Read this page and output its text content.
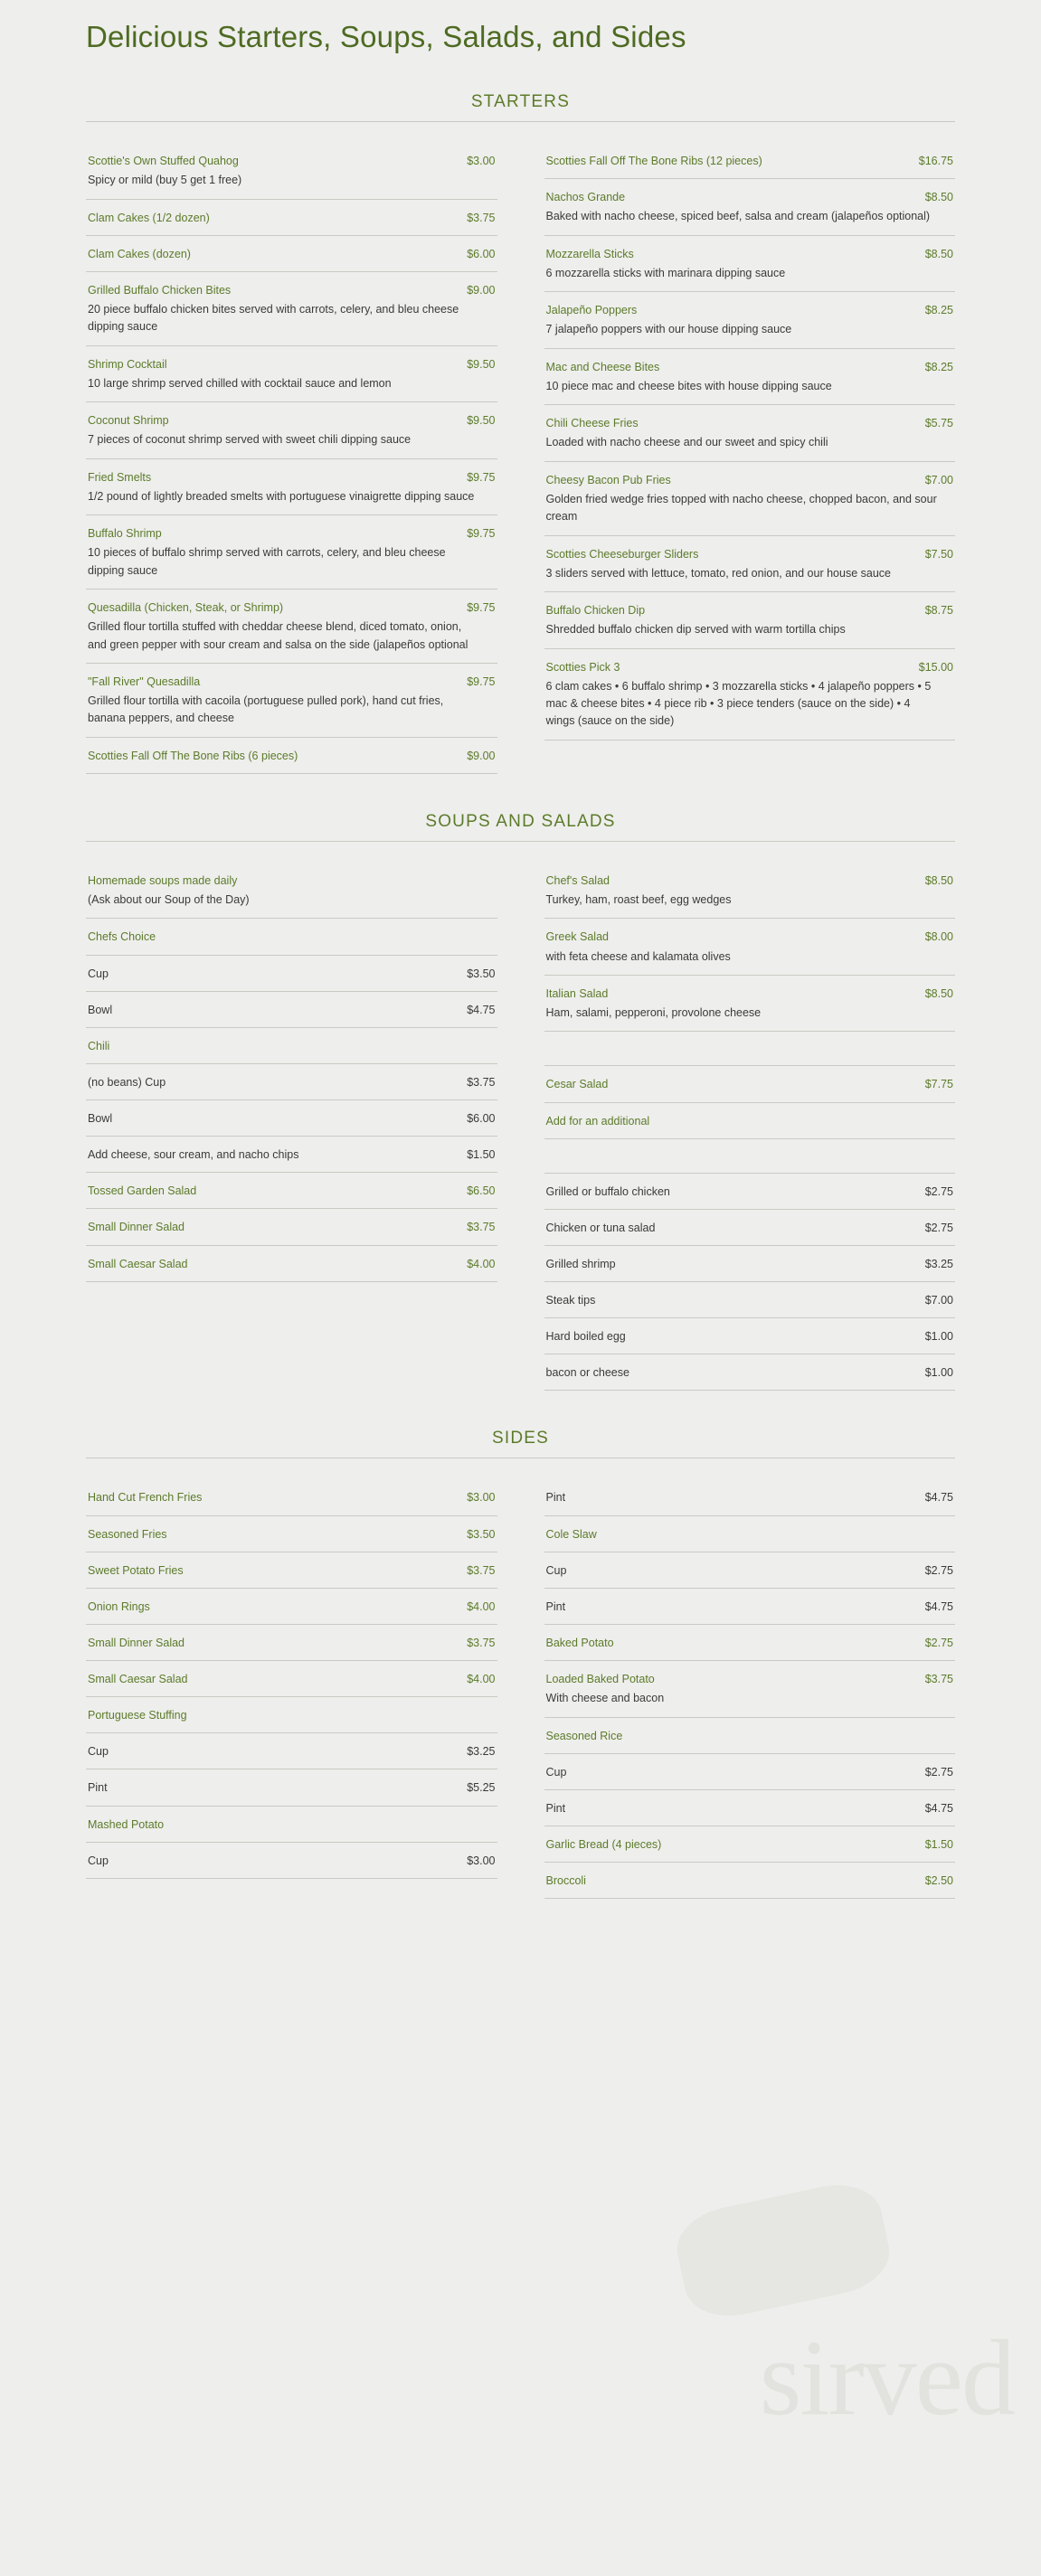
sirved
Delicious Starters, Soups, Salads, and Sides
STARTERS
Scottie's Own Stuffed Quahog	$3.00
Spicy or mild (buy 5 get 1 free)
Clam Cakes (1/2 dozen)	$3.75
Clam Cakes (dozen)	$6.00
Grilled Buffalo Chicken Bites	$9.00
20 piece buffalo chicken bites served with carrots, celery, and bleu cheese dipping sauce
Shrimp Cocktail	$9.50
10 large shrimp served chilled with cocktail sauce and lemon
Coconut Shrimp	$9.50
7 pieces of coconut shrimp served with sweet chili dipping sauce
Fried Smelts	$9.75
1/2 pound of lightly breaded smelts with portuguese vinaigrette dipping sauce
Buffalo Shrimp	$9.75
10 pieces of buffalo shrimp served with carrots, celery, and bleu cheese dipping sauce
Quesadilla (Chicken, Steak, or Shrimp)	$9.75
Grilled flour tortilla stuffed with cheddar cheese blend, diced tomato, onion, and green pepper with sour cream and salsa on the side (jalapeños optional
"Fall River" Quesadilla	$9.75
Grilled flour tortilla with cacoila (portuguese pulled pork), hand cut fries, banana peppers, and cheese
Scotties Fall Off The Bone Ribs (6 pieces)	$9.00
Scotties Fall Off The Bone Ribs (12 pieces)	$16.75
Nachos Grande	$8.50
Baked with nacho cheese, spiced beef, salsa and cream (jalapeños optional)
Mozzarella Sticks	$8.50
6 mozzarella sticks with marinara dipping sauce
Jalapeño Poppers	$8.25
7 jalapeño poppers with our house dipping sauce
Mac and Cheese Bites	$8.25
10 piece mac and cheese bites with house dipping sauce
Chili Cheese Fries	$5.75
Loaded with nacho cheese and our sweet and spicy chili
Cheesy Bacon Pub Fries	$7.00
Golden fried wedge fries topped with nacho cheese, chopped bacon, and sour cream
Scotties Cheeseburger Sliders	$7.50
3 sliders served with lettuce, tomato, red onion, and our house sauce
Buffalo Chicken Dip	$8.75
Shredded buffalo chicken dip served with warm tortilla chips
Scotties Pick 3	$15.00
6 clam cakes • 6 buffalo shrimp • 3 mozzarella sticks • 4 jalapeño poppers • 5 mac & cheese bites • 4 piece rib • 3 piece tenders (sauce on the side) • 4 wings (sauce on the side)
SOUPS AND SALADS
Homemade soups made daily
(Ask about our Soup of the Day)
Chefs Choice
Cup	$3.50
Bowl	$4.75
Chili
(no beans) Cup	$3.75
Bowl	$6.00
Add cheese, sour cream, and nacho chips	$1.50
Tossed Garden Salad	$6.50
Small Dinner Salad	$3.75
Small Caesar Salad	$4.00
Chef's Salad	$8.50
Turkey, ham, roast beef, egg wedges
Greek Salad	$8.00
with feta cheese and kalamata olives
Italian Salad	$8.50
Ham, salami, pepperoni, provolone cheese
Cesar Salad	$7.75
Add for an additional
Grilled or buffalo chicken	$2.75
Chicken or tuna salad	$2.75
Grilled shrimp	$3.25
Steak tips	$7.00
Hard boiled egg	$1.00
bacon or cheese	$1.00
SIDES
Hand Cut French Fries	$3.00
Seasoned Fries	$3.50
Sweet Potato Fries	$3.75
Onion Rings	$4.00
Small Dinner Salad	$3.75
Small Caesar Salad	$4.00
Portuguese Stuffing
Cup	$3.25
Pint	$5.25
Mashed Potato
Cup	$3.00
Pint	$4.75
Cole Slaw
Cup	$2.75
Pint	$4.75
Baked Potato	$2.75
Loaded Baked Potato	$3.75
With cheese and bacon
Seasoned Rice
Cup	$2.75
Pint	$4.75
Garlic Bread (4 pieces)	$1.50
Broccoli	$2.50
